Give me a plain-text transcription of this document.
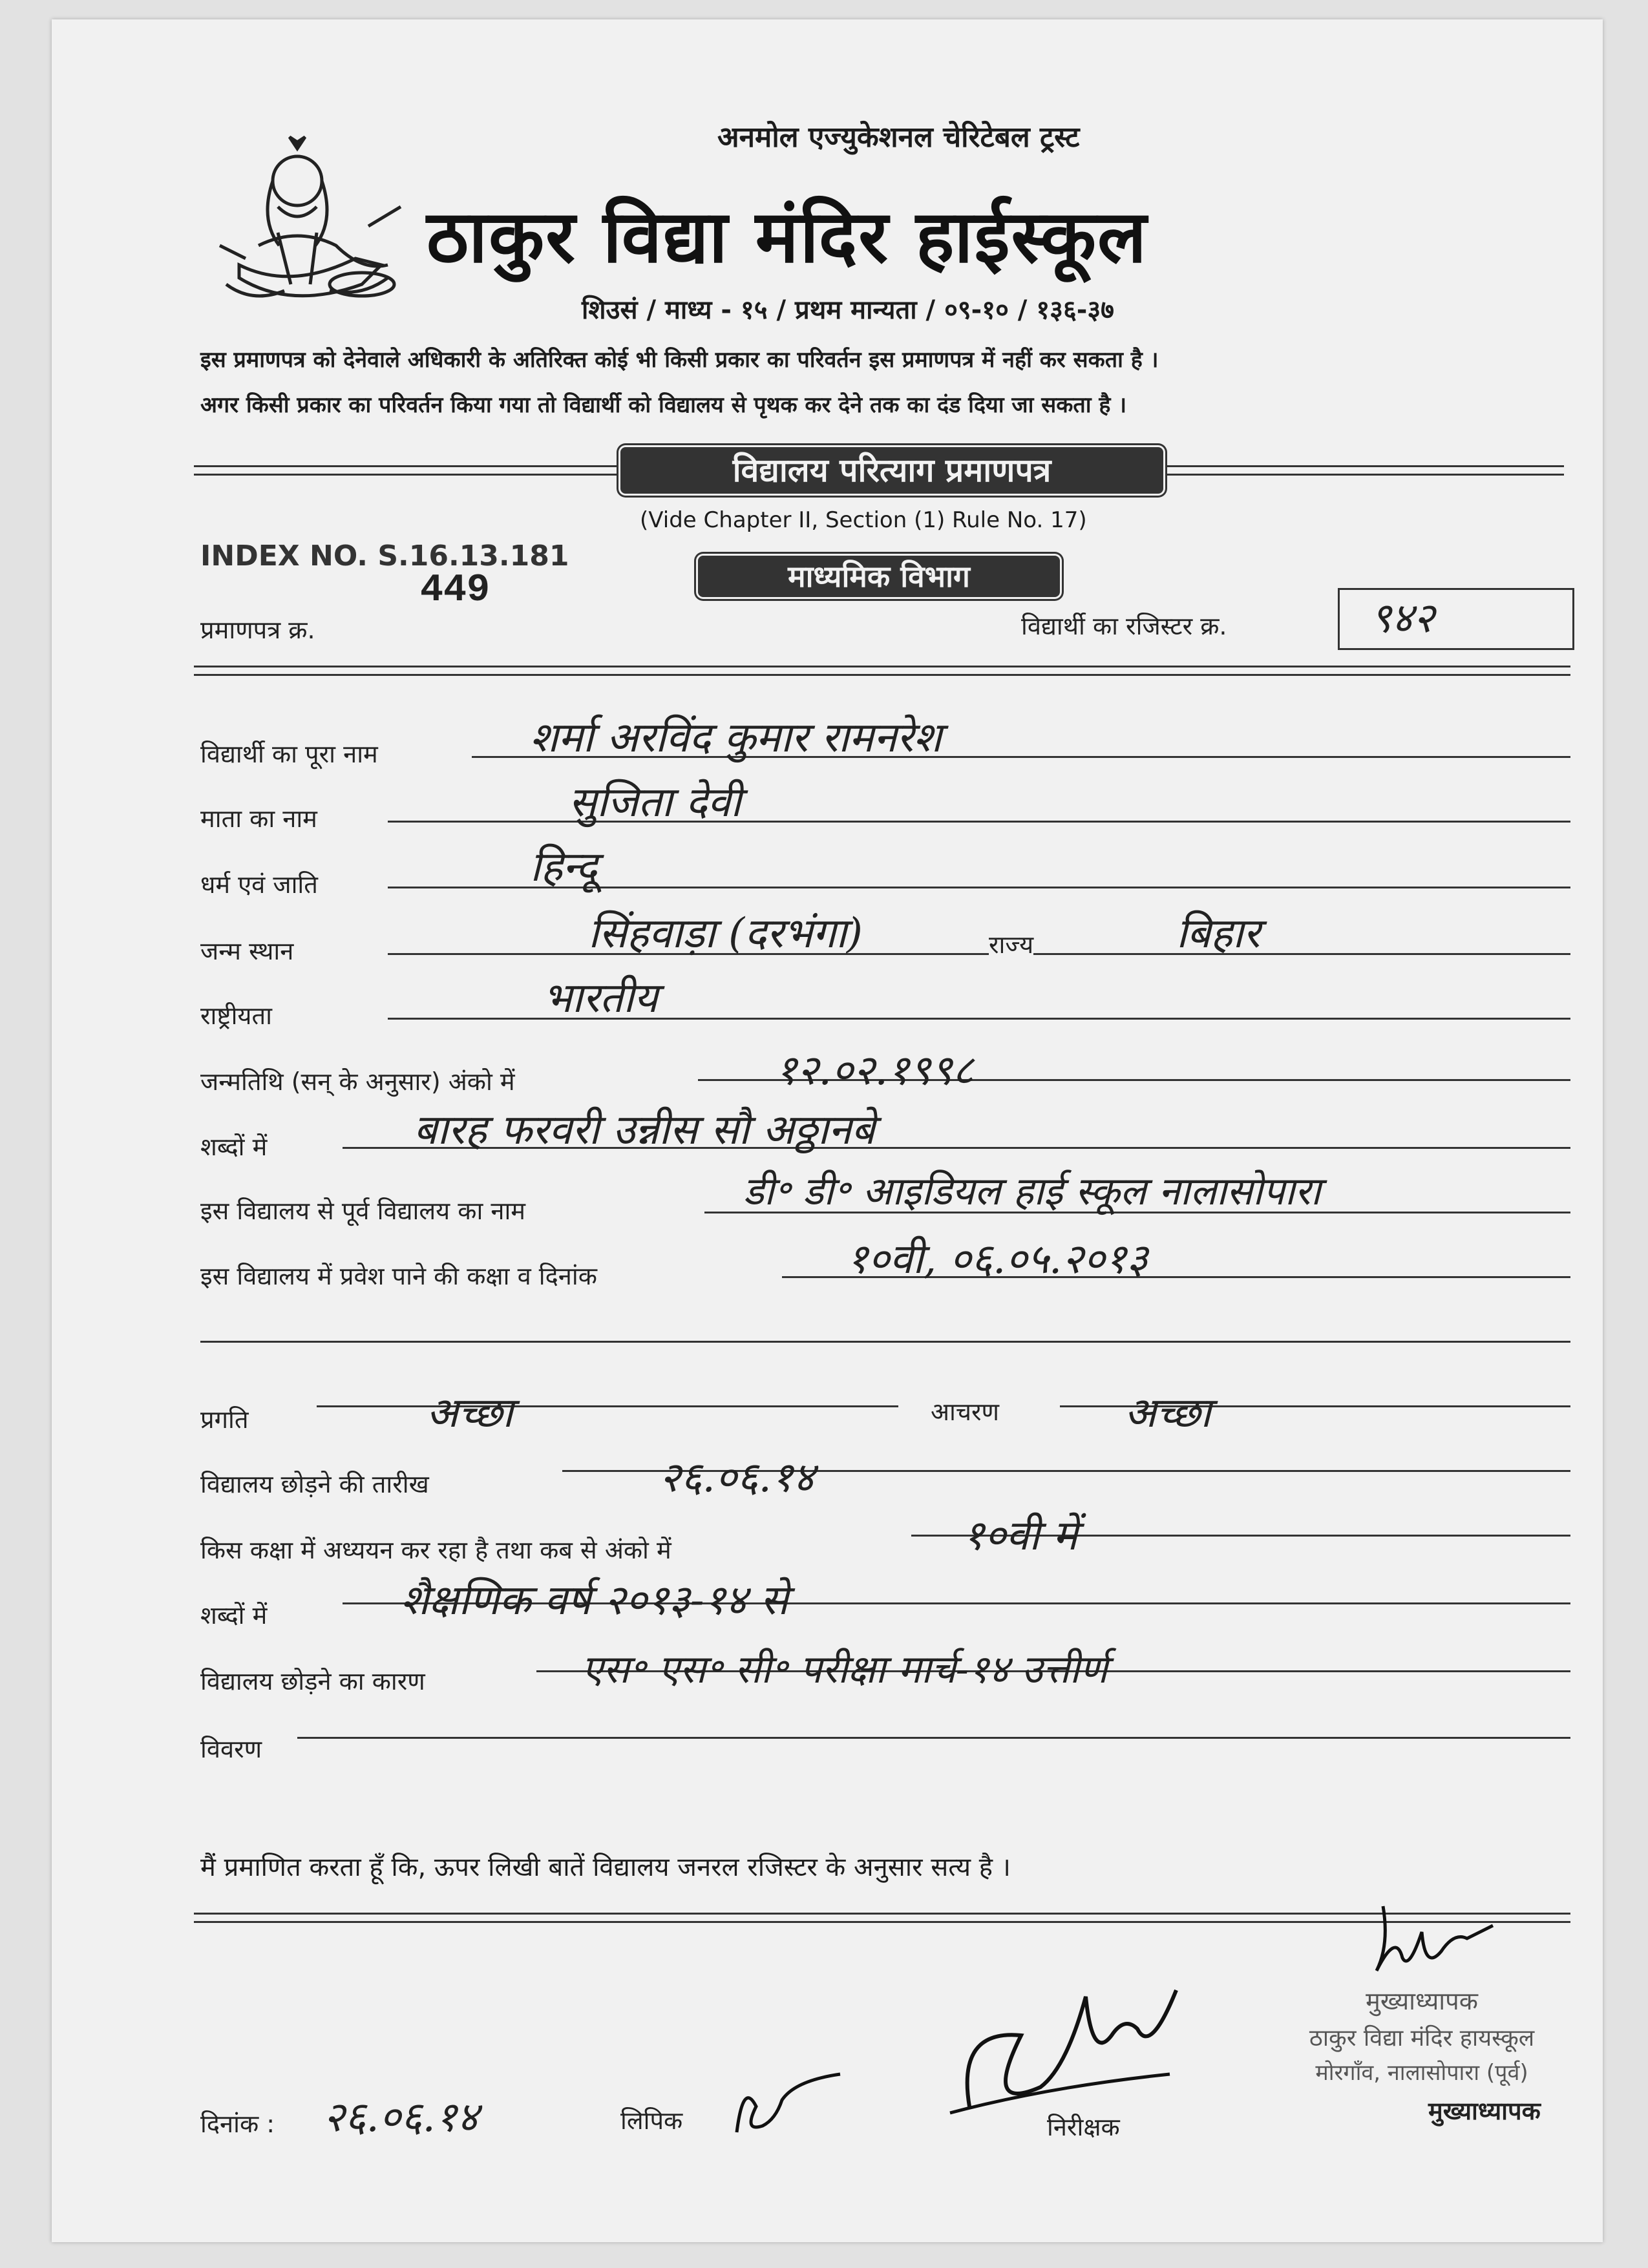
अनमोल एज्युकेशनल चेरिटेबल ट्रस्ट
ठाकुर विद्या मंदिर हाईस्कूल
शिउसं / माध्य - १५ / प्रथम मान्यता / ०९-१० / १३६-३७
इस प्रमाणपत्र को देनेवाले अधिकारी के अतिरिक्त कोई भी किसी प्रकार का परिवर्तन इस प्रमाणपत्र में नहीं कर सकता है ।
अगर किसी प्रकार का परिवर्तन किया गया तो विद्यार्थी को विद्यालय से पृथक कर देने तक का दंड दिया जा सकता है ।
विद्यालय परित्याग प्रमाणपत्र
(Vide Chapter II, Section (1) Rule No. 17)
INDEX NO. S.16.13.181
माध्यमिक विभाग
प्रमाणपत्र क्र.
449
विद्यार्थी का रजिस्टर क्र.	९४२
विद्यार्थी का पूरा नाम	शर्मा अरविंद कुमार रामनरेश
माता का नाम	सुजिता देवी
धर्म एवं जाति	हिन्दू
जन्म स्थान	सिंहवाड़ा (दरभंगा)	राज्य	बिहार
राष्ट्रीयता	भारतीय
जन्मतिथि (सन् के अनुसार) अंको में	१२.०२.१९९८
शब्दों में	बारह फरवरी उन्नीस सौ अठ्ठानबे
इस विद्यालय से पूर्व विद्यालय का नाम	डी॰ डी॰ आइडियल हाई स्कूल नालासोपारा
इस विद्यालय में प्रवेश पाने की कक्षा व दिनांक	१०वी, ०६.०५.२०१३
प्रगति	अच्छा	आचरण	अच्छा
विद्यालय छोड़ने की तारीख	२६.०६.१४
किस कक्षा में अध्ययन कर रहा है तथा कब से अंको में	१०वी में
शब्दों में	शैक्षणिक वर्ष २०१३-१४ से
विद्यालय छोड़ने का कारण	एस॰ एस॰ सी॰ परीक्षा मार्च-१४ उत्तीर्ण
विवरण
मैं प्रमाणित करता हूँ कि, ऊपर लिखी बातें विद्यालय जनरल रजिस्टर के अनुसार सत्य है ।
मुख्याध्यापक
ठाकुर विद्या मंदिर हायस्कूल
मोरगाँव, नालासोपारा (पूर्व)
दिनांक : २६.०६.१४	लिपिक	निरीक्षक
मुख्याध्यापक
